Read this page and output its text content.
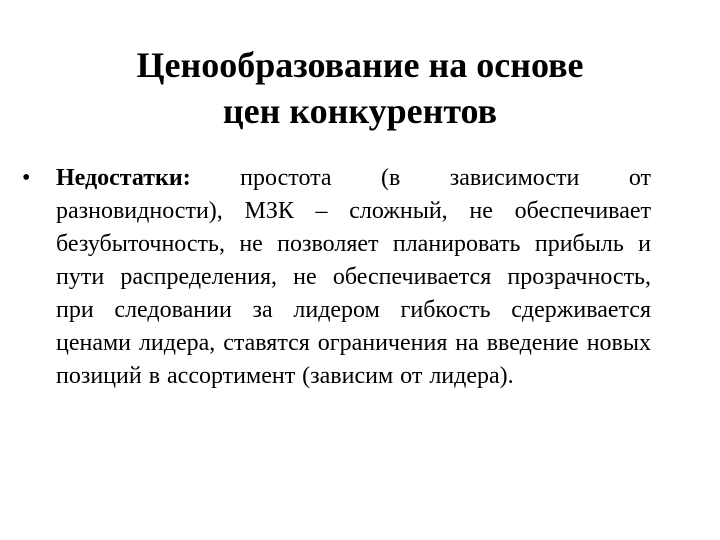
Ценообразование на основе
цен конкурентов
• Недостатки: простота (в зависимости от разновидности), МЗК – сложный, не обеспечивает безубыточность, не позволяет планировать прибыль и пути распределения, не обеспечивается прозрачность, при следовании за лидером гибкость сдерживается ценами лидера, ставятся ограничения на введение новых позиций в ассортимент (зависим от лидера).
